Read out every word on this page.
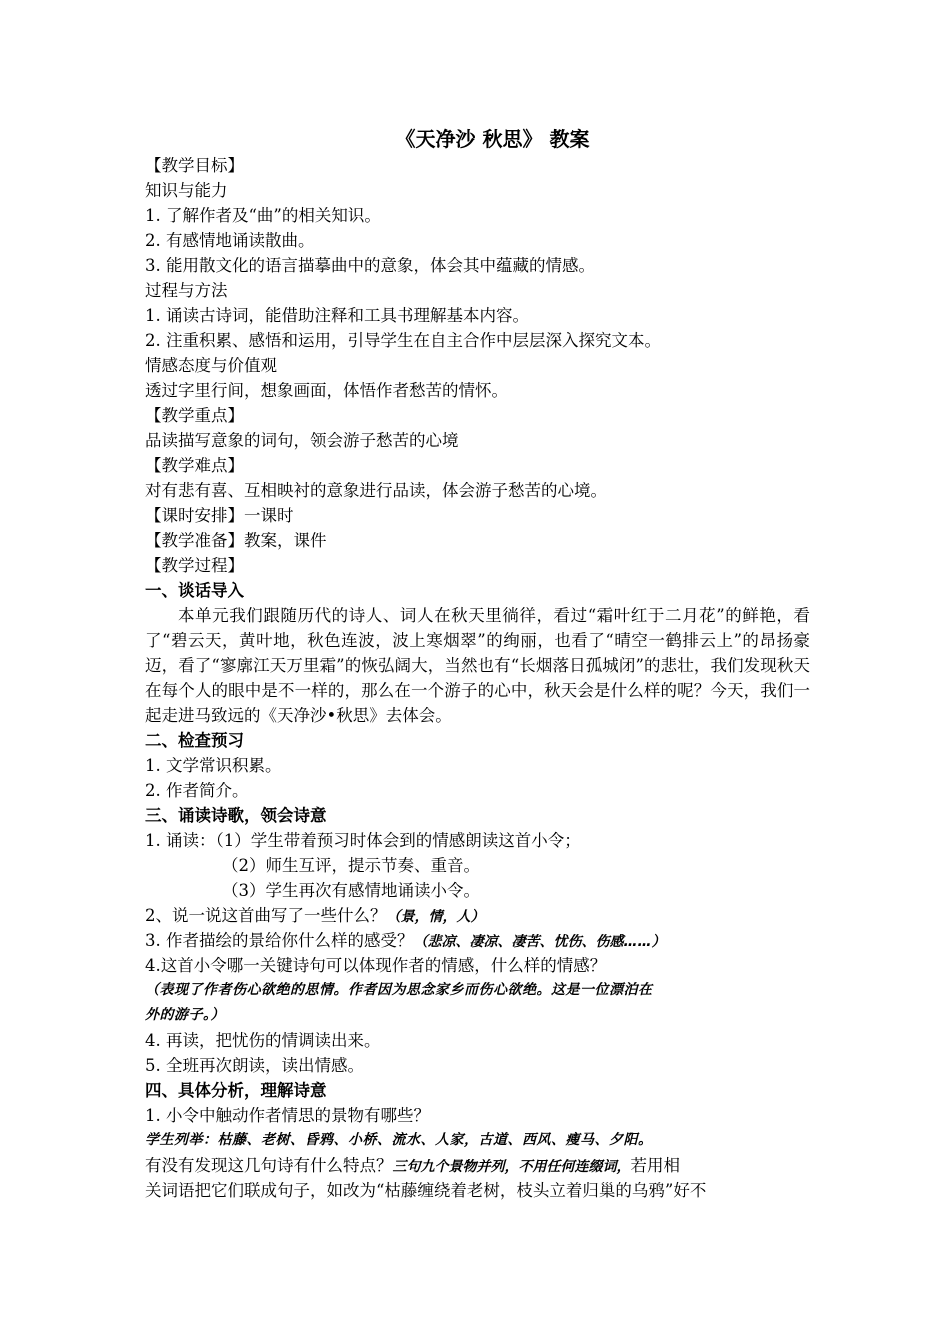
《天净沙 秋思》 教案
【教学目标】
知识与能力
1. 了解作者及“曲”的相关知识。
2. 有感情地诵读散曲。
3. 能用散文化的语言描摹曲中的意象，体会其中蕴藏的情感。
过程与方法
1. 诵读古诗词，能借助注释和工具书理解基本内容。
2. 注重积累、感悟和运用，引导学生在自主合作中层层深入探究文本。
情感态度与价值观
透过字里行间，想象画面，体悟作者愁苦的情怀。
【教学重点】
品读描写意象的词句，领会游子愁苦的心境
【教学难点】
对有悲有喜、互相映衬的意象进行品读，体会游子愁苦的心境。
【课时安排】一课时
【教学准备】教案，课件
【教学过程】
一、谈话导入
本单元我们跟随历代的诗人、词人在秋天里徜徉，看过“霜叶红于二月花”的鲜艳，看了“碧云天，黄叶地，秋色连波，波上寒烟翠”的绚丽，也看了“晴空一鹤排云上”的昂扬豪迈，看了“寥廓江天万里霜”的恢弘阔大，当然也有“长烟落日孤城闭”的悲壮，我们发现秋天在每个人的眼中是不一样的，那么在一个游子的心中，秋天会是什么样的呢？今天，我们一起走进马致远的《天净沙•秋思》去体会。
二、检查预习
1. 文学常识积累。
2. 作者简介。
三、诵读诗歌，领会诗意
1. 诵读：（1）学生带着预习时体会到的情感朗读这首小令；
（2）师生互评，提示节奏、重音。
（3）学生再次有感情地诵读小令。
2、说一说这首曲写了一些什么？（景，情，人）
3. 作者描绘的景给你什么样的感受？（悲凉、凄凉、凄苦、忧伤、伤感……）
4.这首小令哪一关键诗句可以体现作者的情感，什么样的情感？
（表现了作者伤心欲绝的思情。作者因为思念家乡而伤心欲绝。这是一位漂泊在
外的游子。）
4. 再读，把忧伤的情调读出来。
5. 全班再次朗读，读出情感。
四、具体分析，理解诗意
1. 小令中触动作者情思的景物有哪些？
学生列举：枯藤、老树、昏鸦、小桥、流水、人家，古道、西风、瘦马、夕阳。
有没有发现这几句诗有什么特点？三句九个景物并列，不用任何连缀词，若用相
关词语把它们联成句子，如改为“枯藤缠绕着老树，枝头立着归巢的乌鸦”好不
